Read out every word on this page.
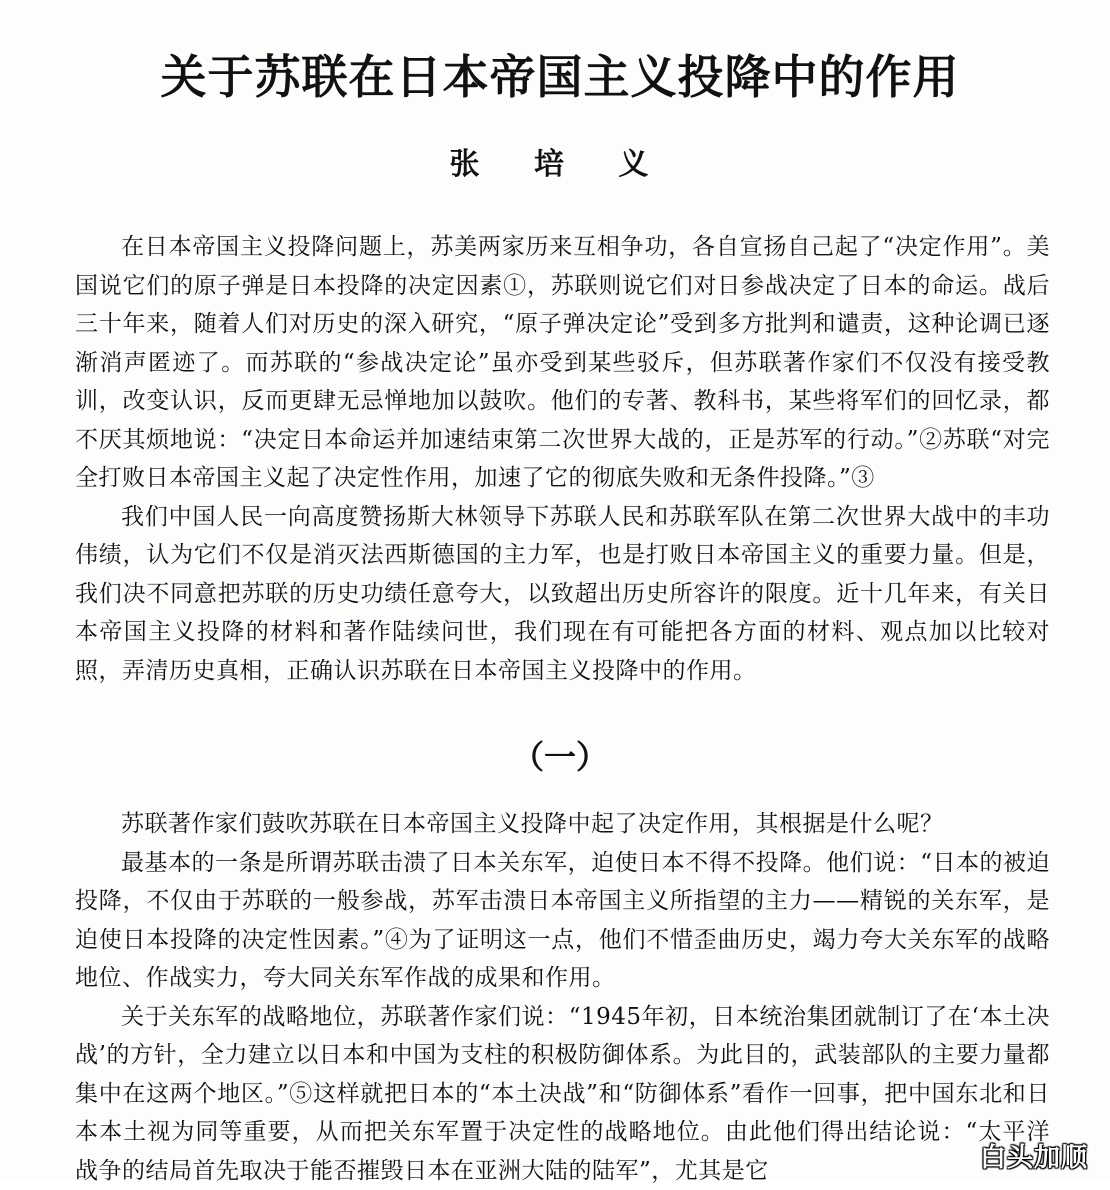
关于苏联在日本帝国主义投降中的作用
张 培 义

在日本帝国主义投降问题上，苏美两家历来互相争功，各自宣扬自己起了“决定作用”。美国说它们的原子弹是日本投降的决定因素①，苏联则说它们对日参战决定了日本的命运。战后三十年来，随着人们对历史的深入研究，“原子弹决定论”受到多方批判和谴责，这种论调已逐渐消声匿迹了。而苏联的“参战决定论”虽亦受到某些驳斥，但苏联著作家们不仅没有接受教训，改变认识，反而更肆无忌惮地加以鼓吹。他们的专著、教科书，某些将军们的回忆录，都不厌其烦地说：“决定日本命运并加速结束第二次世界大战的，正是苏军的行动。”②苏联“对完全打败日本帝国主义起了决定性作用，加速了它的彻底失败和无条件投降。”③

我们中国人民一向高度赞扬斯大林领导下苏联人民和苏联军队在第二次世界大战中的丰功伟绩，认为它们不仅是消灭法西斯德国的主力军，也是打败日本帝国主义的重要力量。但是，我们决不同意把苏联的历史功绩任意夸大，以致超出历史所容许的限度。近十几年来，有关日本帝国主义投降的材料和著作陆续问世，我们现在有可能把各方面的材料、观点加以比较对照，弄清历史真相，正确认识苏联在日本帝国主义投降中的作用。

（一）

苏联著作家们鼓吹苏联在日本帝国主义投降中起了决定作用，其根据是什么呢？

最基本的一条是所谓苏联击溃了日本关东军，迫使日本不得不投降。他们说：“日本的被迫投降，不仅由于苏联的一般参战，苏军击溃日本帝国主义所指望的主力——精锐的关东军，是迫使日本投降的决定性因素。”④为了证明这一点，他们不惜歪曲历史，竭力夸大关东军的战略地位、作战实力，夸大同关东军作战的成果和作用。

关于关东军的战略地位，苏联著作家们说：“1945年初，日本统治集团就制订了在‘本土决战’的方针，全力建立以日本和中国为支柱的积极防御体系。为此目的，武装部队的主要力量都集中在这两个地区。”⑤这样就把日本的“本土决战”和“防御体系”看作一回事，把中国东北和日本本土视为同等重要，从而把关东军置于决定性的战略地位。由此他们得出结论说：“太平洋战争的结局首先取决于能否摧毁日本在亚洲大陆的陆军”，尤其是它	白头加顺
